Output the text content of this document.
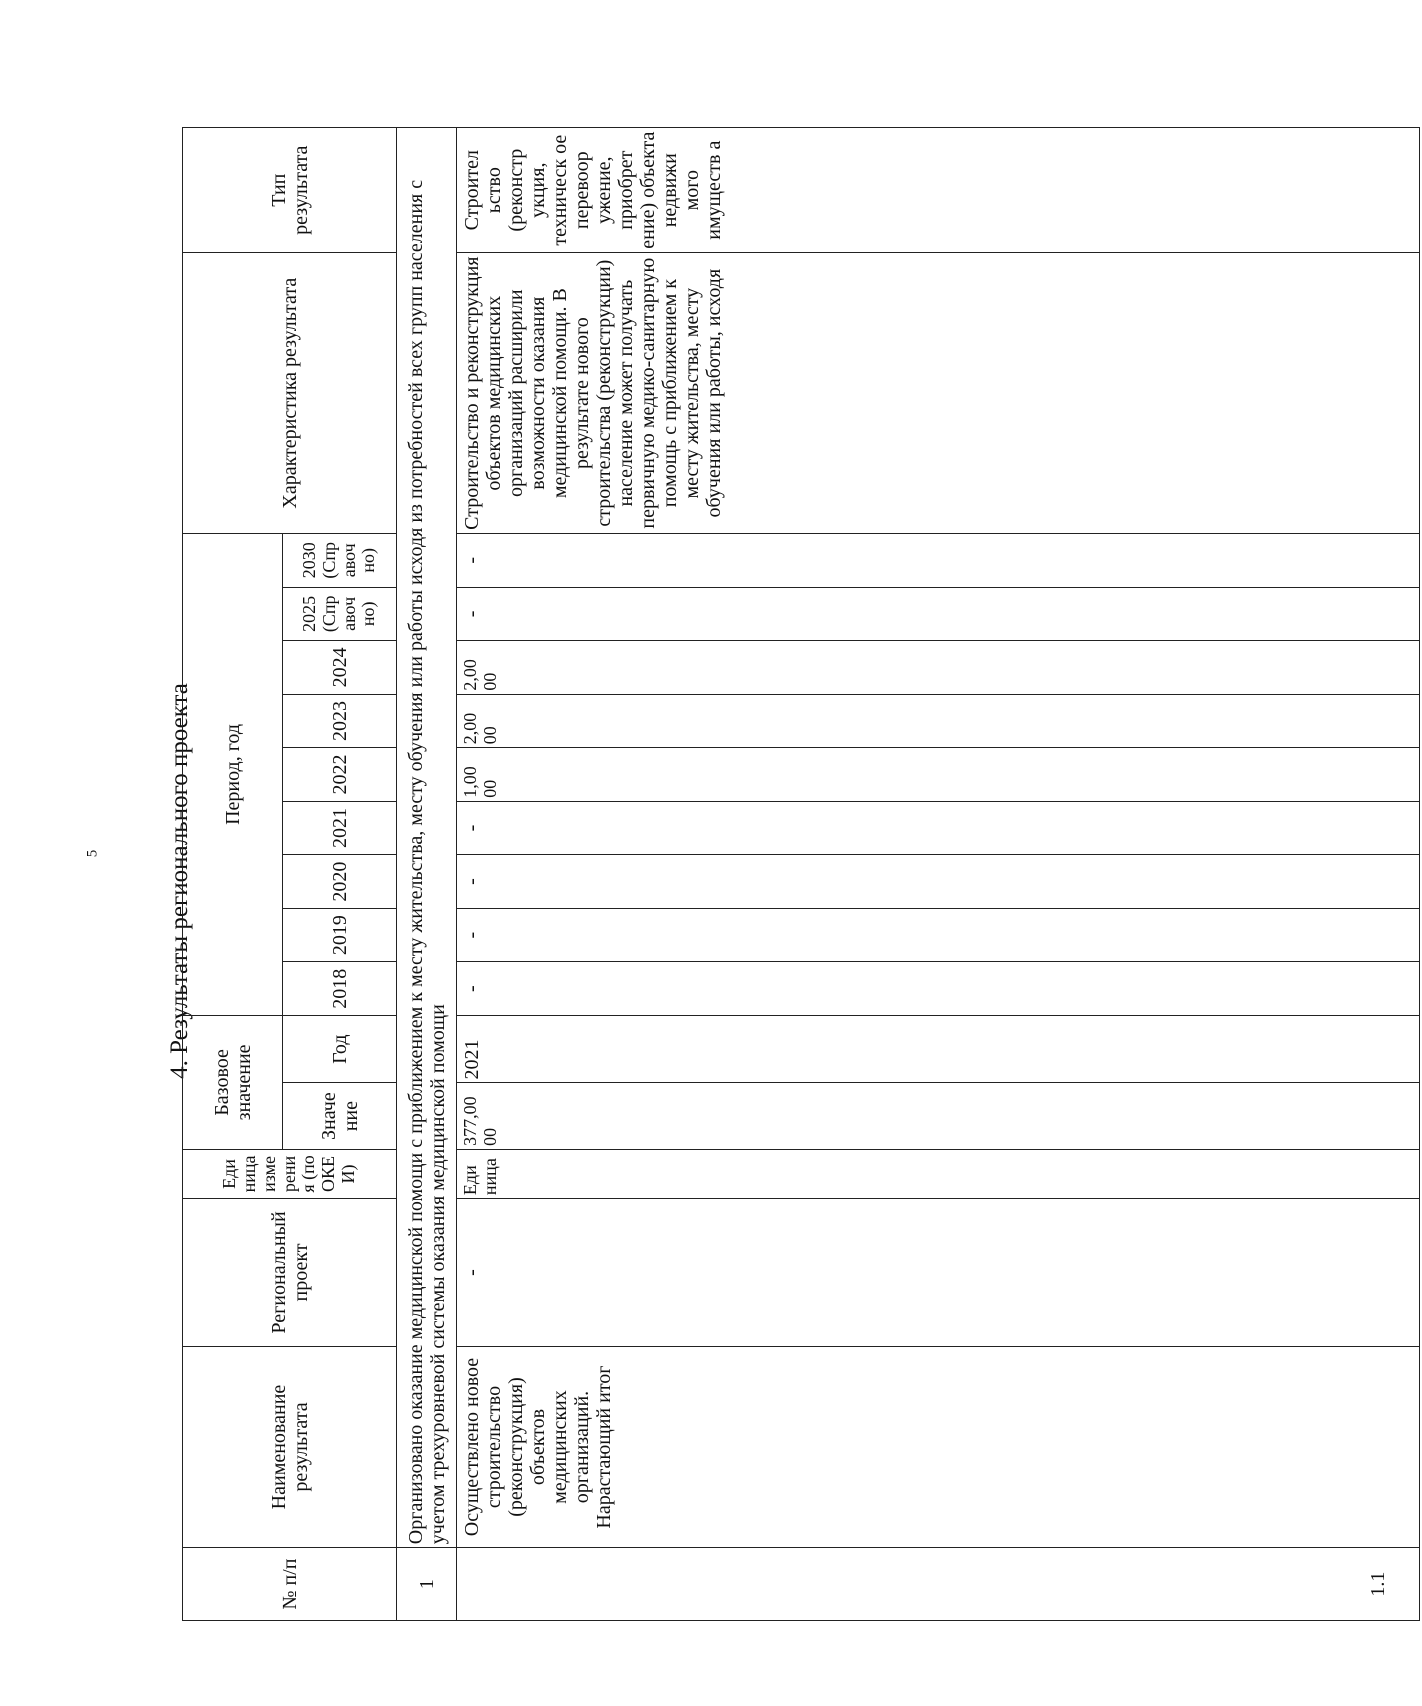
5	4. Результаты регионального проекта
№ п/п	Наименование результата	Региональный проект	Еди ница изме рени я (по ОКЕ И)	Базовое значение		Период, год									Характеристика результата	Тип результата
				Значе ние	Год	2018	2019	2020	2021	2022	2023	2024	2025 (Спр авоч но)	2030 (Спр авоч но)		

1	Организовано оказание медицинской помощи с приближением к месту жительства, месту обучения или работы исходя из потребностей всех групп населения с учетом трехуровневой системы оказания медицинской помощи															
1.1	Осуществлено новое строительство (реконструкция) объектов медицинских организаций. Нарастающий итог	-	Еди ница	377,00 00	2021	-	-	-	-	1,00 00	2,00 00	2,00 00	-	-	Строительство и реконструкция объектов медицинских организаций расширили возможности оказания медицинской помощи. В результате нового строительства (реконструкции) население может получать первичную медико-санитарную помощь с приближением к месту жительства, месту обучения или работы, исходя	Строител ьство (реконстр укция, техническ ое перевоор ужение, приобрет ение) объекта недвижи мого имуществ а
